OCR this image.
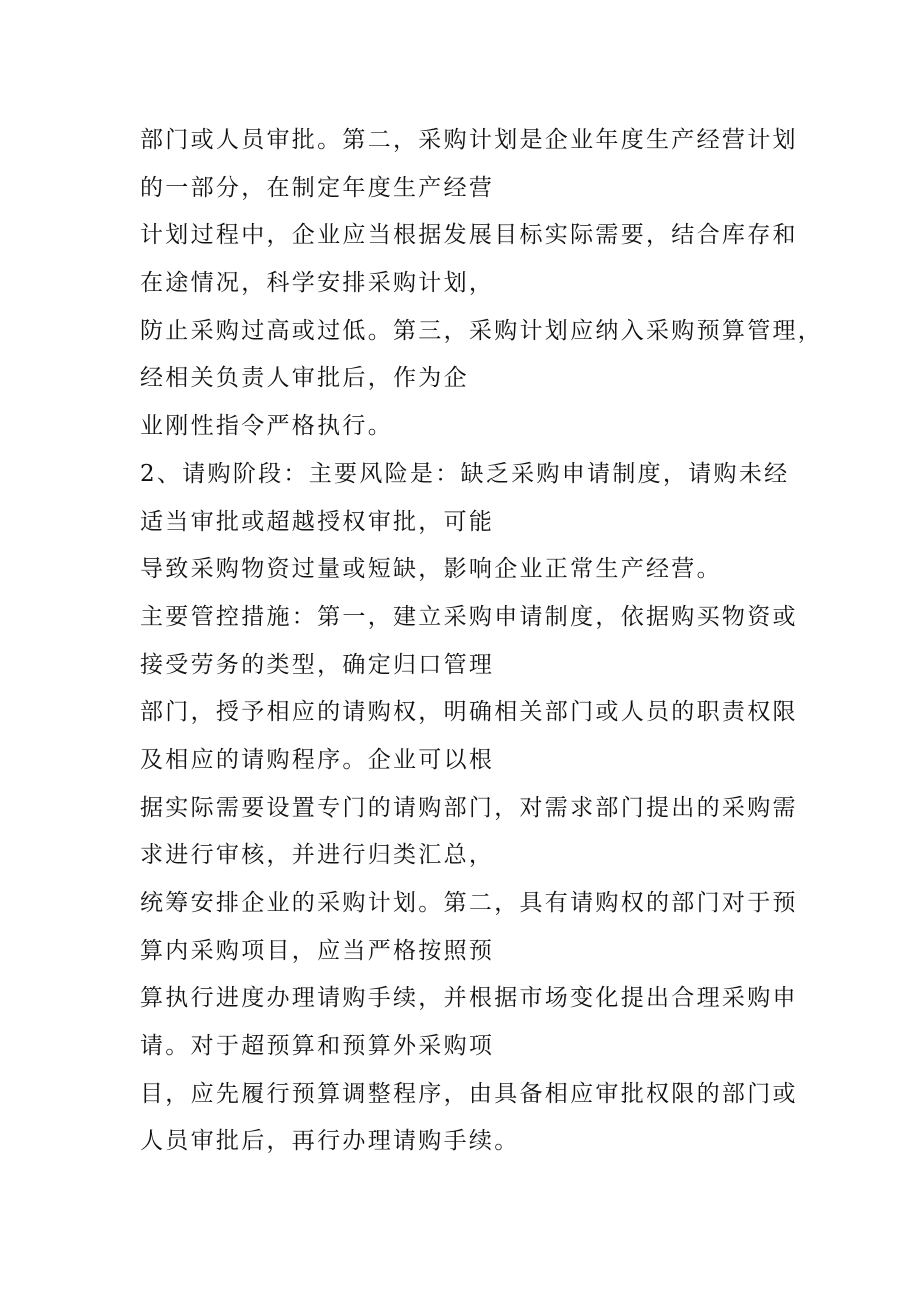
部门或人员审批。第二，采购计划是企业年度生产经营计划

的一部分，在制定年度生产经营

计划过程中，企业应当根据发展目标实际需要，结合库存和

在途情况，科学安排采购计划，

防止采购过高或过低。第三，采购计划应纳入采购预算管理，

经相关负责人审批后，作为企

业刚性指令严格执行。

2、请购阶段：主要风险是：缺乏采购申请制度，请购未经

适当审批或超越授权审批，可能

导致采购物资过量或短缺，影响企业正常生产经营。

主要管控措施：第一，建立采购申请制度，依据购买物资或

接受劳务的类型，确定归口管理

部门，授予相应的请购权，明确相关部门或人员的职责权限

及相应的请购程序。企业可以根

据实际需要设置专门的请购部门，对需求部门提出的采购需

求进行审核，并进行归类汇总，

统筹安排企业的采购计划。第二，具有请购权的部门对于预

算内采购项目，应当严格按照预

算执行进度办理请购手续，并根据市场变化提出合理采购申

请。对于超预算和预算外采购项

目，应先履行预算调整程序，由具备相应审批权限的部门或

人员审批后，再行办理请购手续。
